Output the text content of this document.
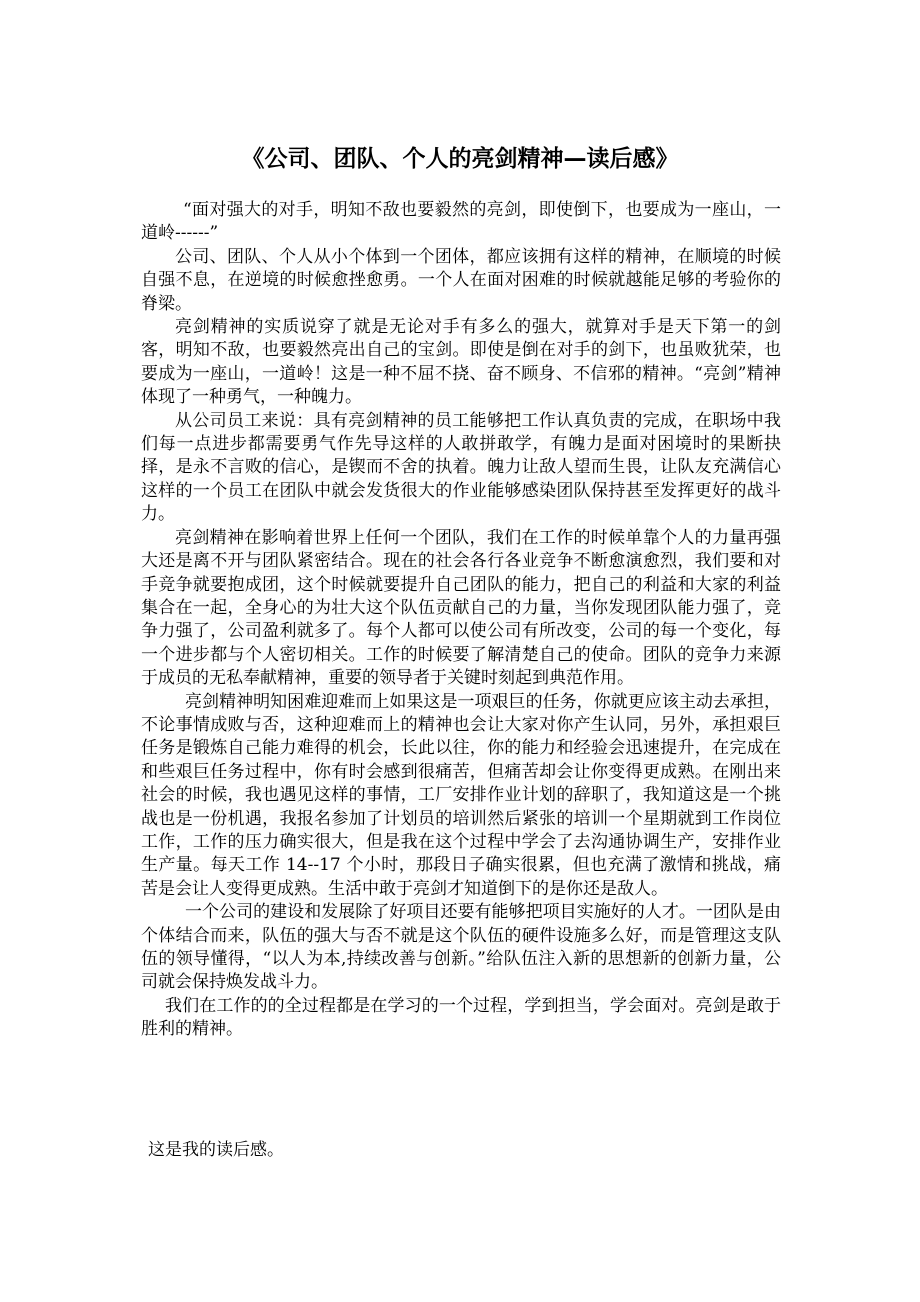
《公司、团队、个人的亮剑精神—读后感》

“面对强大的对手，明知不敌也要毅然的亮剑，即使倒下，也要成为一座山，一道岭------”

公司、团队、个人从小个体到一个团体，都应该拥有这样的精神，在顺境的时候自强不息，在逆境的时候愈挫愈勇。一个人在面对困难的时候就越能足够的考验你的脊梁。

亮剑精神的实质说穿了就是无论对手有多么的强大，就算对手是天下第一的剑客，明知不敌，也要毅然亮出自己的宝剑。即使是倒在对手的剑下，也虽败犹荣，也要成为一座山，一道岭！这是一种不屈不挠、奋不顾身、不信邪的精神。“亮剑”精神体现了一种勇气，一种魄力。

从公司员工来说：具有亮剑精神的员工能够把工作认真负责的完成，在职场中我们每一点进步都需要勇气作先导这样的人敢拼敢学，有魄力是面对困境时的果断抉择，是永不言败的信心，是锲而不舍的执着。魄力让敌人望而生畏，让队友充满信心这样的一个员工在团队中就会发货很大的作业能够感染团队保持甚至发挥更好的战斗力。

亮剑精神在影响着世界上任何一个团队，我们在工作的时候单靠个人的力量再强大还是离不开与团队紧密结合。现在的社会各行各业竞争不断愈演愈烈，我们要和对手竞争就要抱成团，这个时候就要提升自己团队的能力，把自己的利益和大家的利益集合在一起，全身心的为壮大这个队伍贡献自己的力量，当你发现团队能力强了，竞争力强了，公司盈利就多了。每个人都可以使公司有所改变，公司的每一个变化，每一个进步都与个人密切相关。工作的时候要了解清楚自己的使命。团队的竞争力来源于成员的无私奉献精神，重要的领导者于关键时刻起到典范作用。

亮剑精神明知困难迎难而上如果这是一项艰巨的任务，你就更应该主动去承担，不论事情成败与否，这种迎难而上的精神也会让大家对你产生认同，另外，承担艰巨任务是锻炼自己能力难得的机会，长此以往，你的能力和经验会迅速提升，在完成在和些艰巨任务过程中，你有时会感到很痛苦，但痛苦却会让你变得更成熟。在刚出来社会的时候，我也遇见这样的事情，工厂安排作业计划的辞职了，我知道这是一个挑战也是一份机遇，我报名参加了计划员的培训然后紧张的培训一个星期就到工作岗位工作，工作的压力确实很大，但是我在这个过程中学会了去沟通协调生产，安排作业生产量。每天工作 14--17 个小时，那段日子确实很累，但也充满了激情和挑战，痛苦是会让人变得更成熟。生活中敢于亮剑才知道倒下的是你还是敌人。

一个公司的建设和发展除了好项目还要有能够把项目实施好的人才。一团队是由个体结合而来，队伍的强大与否不就是这个队伍的硬件设施多么好，而是管理这支队伍的领导懂得，“以人为本,持续改善与创新。”给队伍注入新的思想新的创新力量，公司就会保持焕发战斗力。

我们在工作的的全过程都是在学习的一个过程，学到担当，学会面对。亮剑是敢于胜利的精神。

这是我的读后感。
